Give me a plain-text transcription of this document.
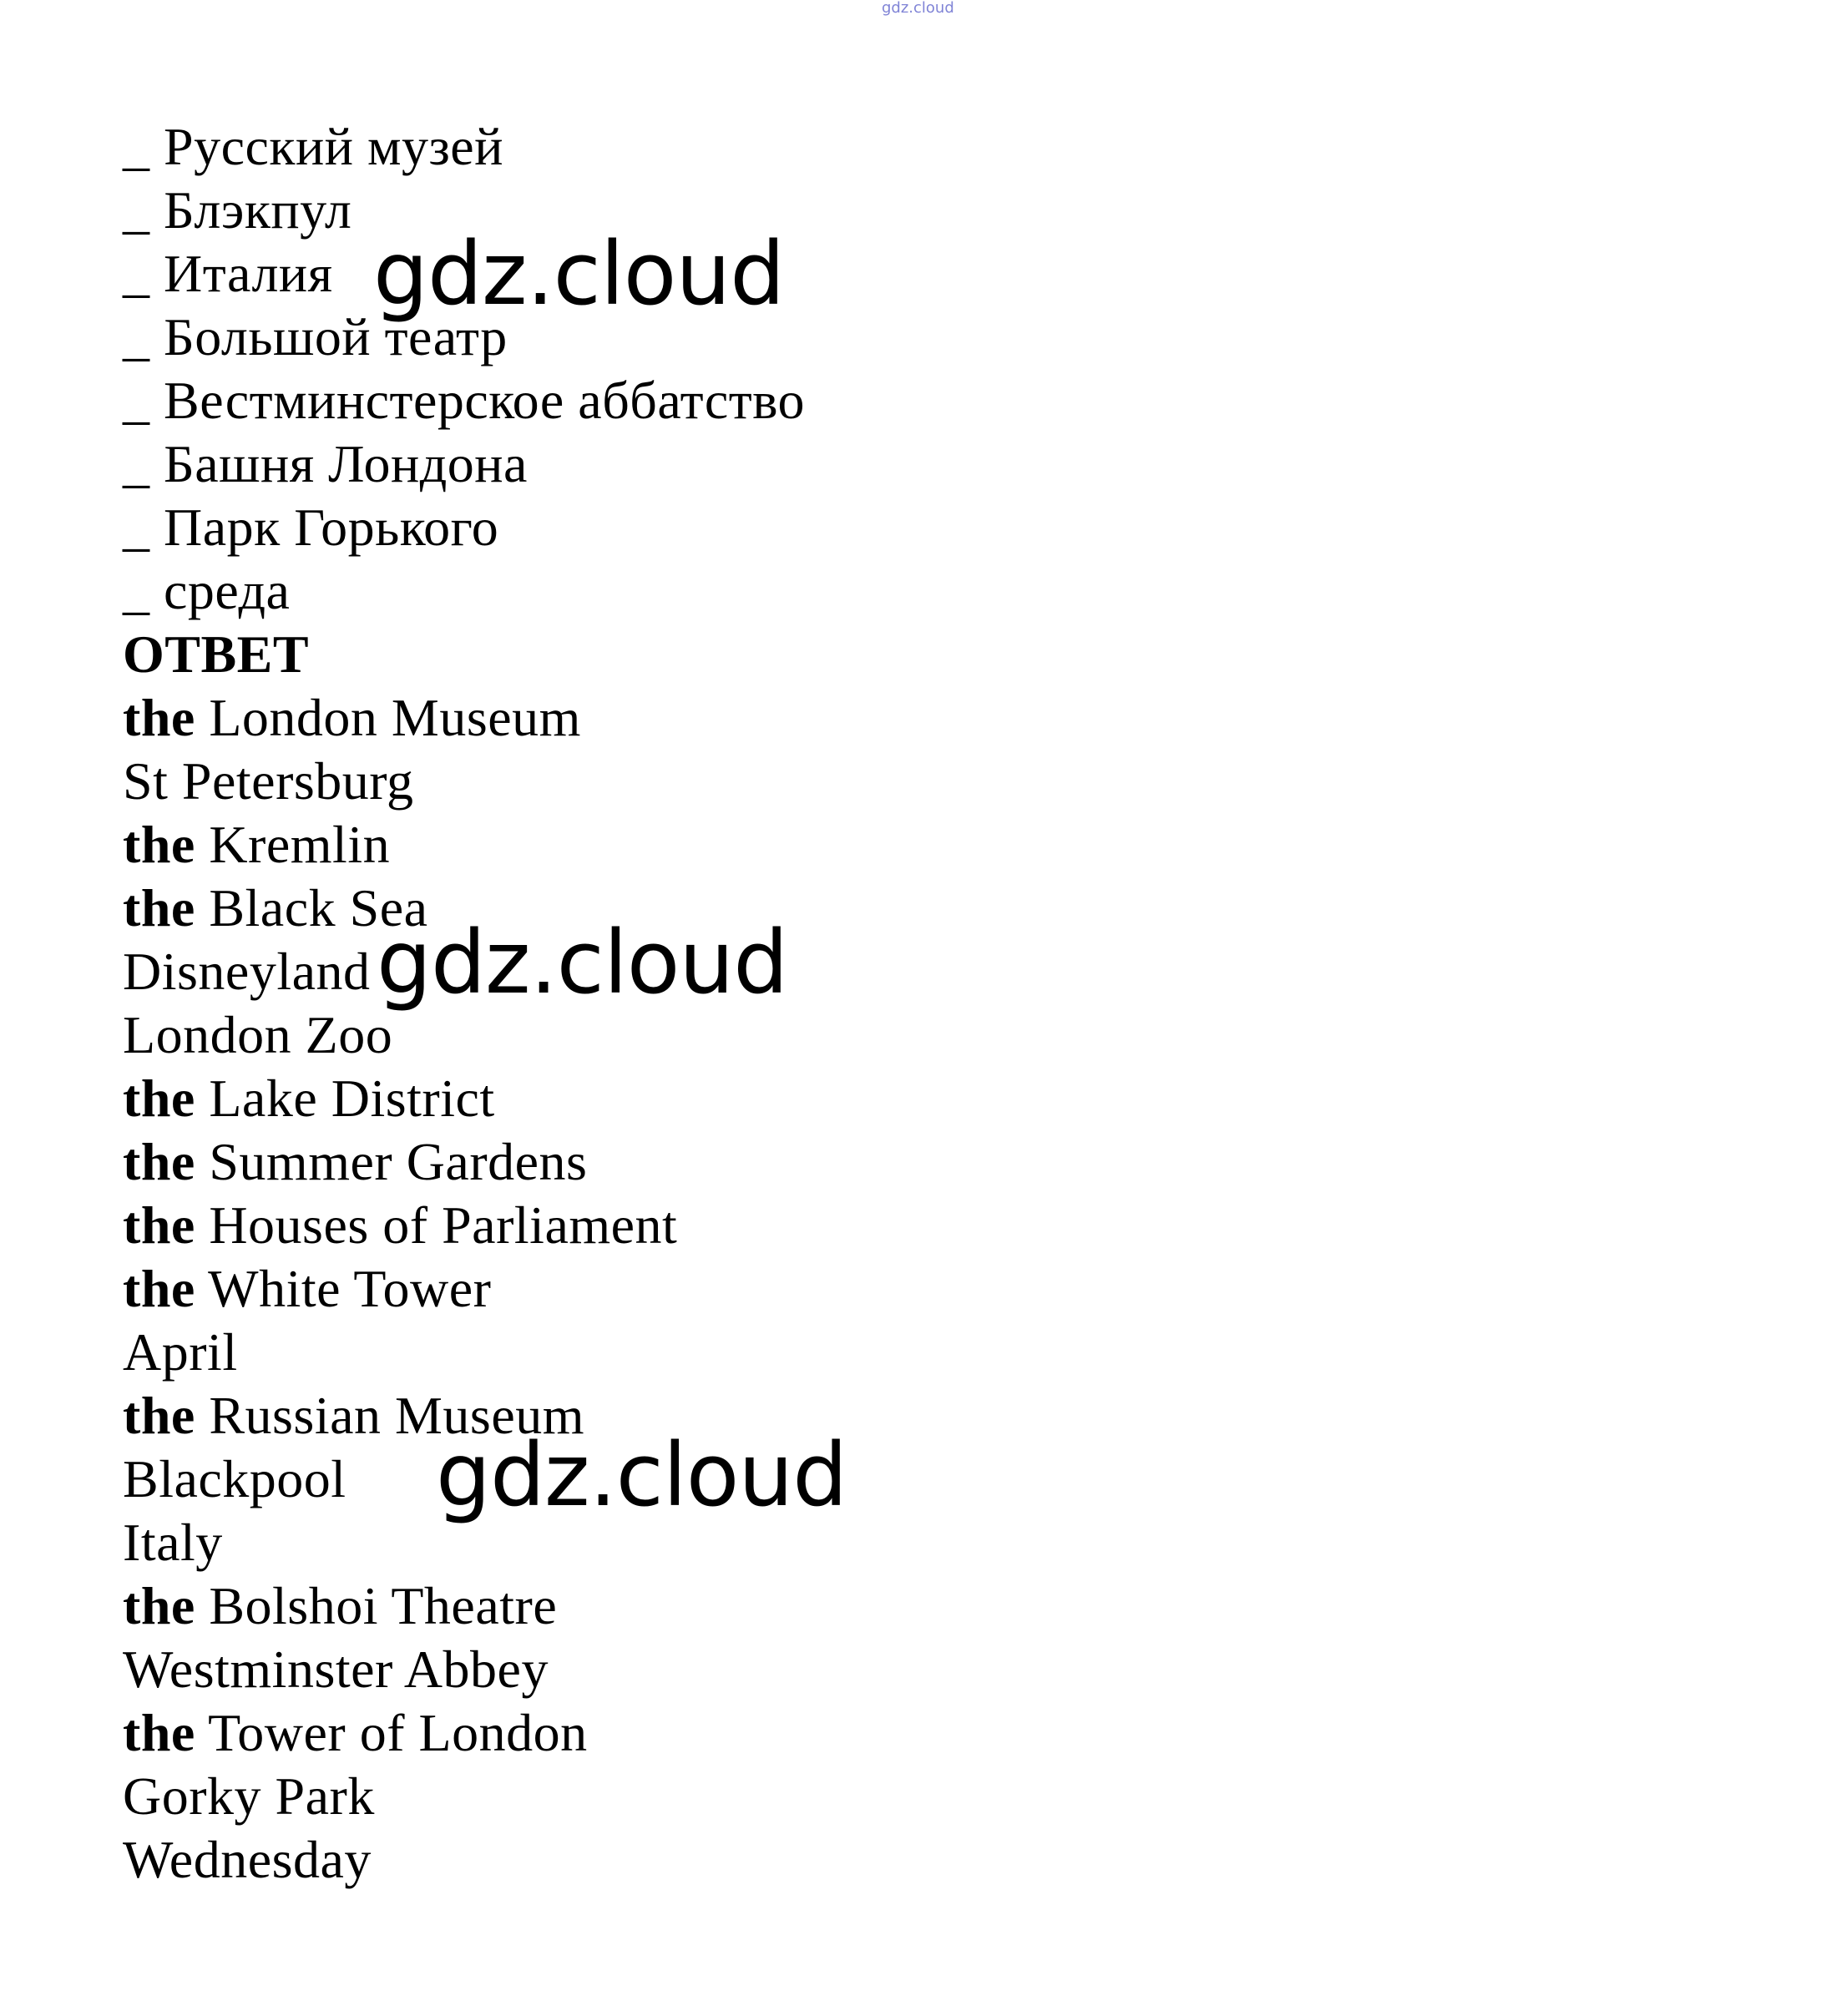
gdz.cloud
_ Русский музей
_ Блэкпул
_ Италия
_ Большой театр
_ Вестминстерское аббатство
_ Башня Лондона
_ Парк Горького
_ среда
ОТВЕТ
the London Museum
St Petersburg
the Kremlin
the Black Sea
Disneyland
London Zoo
the Lake District
the Summer Gardens
the Houses of Parliament
the White Tower
April
the Russian Museum
Blackpool
Italy
the Bolshoi Theatre
Westminster Abbey
the Tower of London
Gorky Park
Wednesday
gdz.cloud
gdz.cloud
gdz.cloud
